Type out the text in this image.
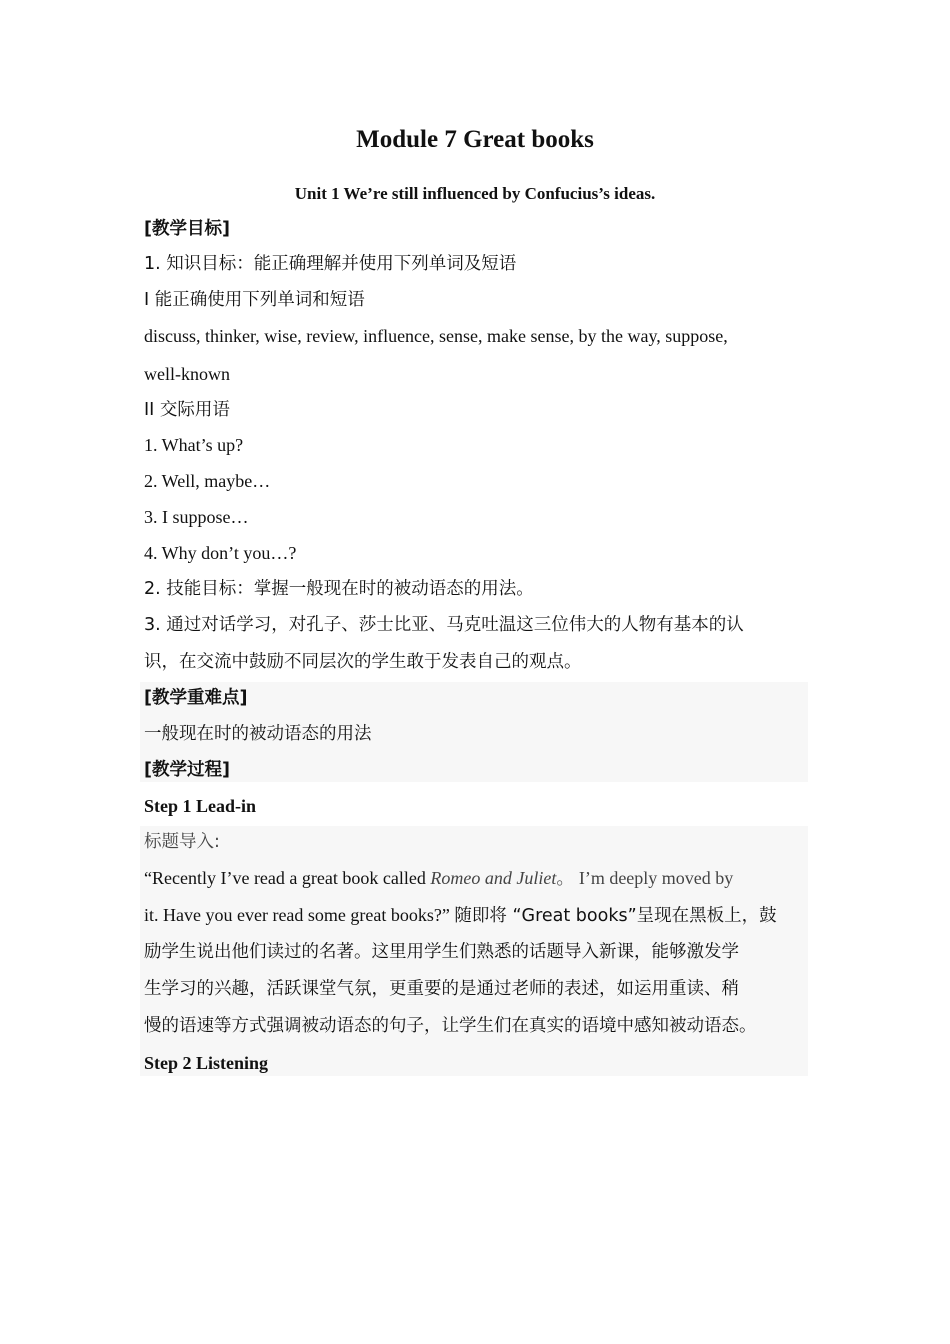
Module 7 Great books
Unit 1 We’re still influenced by Confucius’s ideas.
[教学目标]
1. 知识目标：能正确理解并使用下列单词及短语
I 能正确使用下列单词和短语
discuss, thinker, wise, review, influence, sense, make sense, by the way, suppose,
well-known
II 交际用语
1. What’s up?
2. Well, maybe…
3. I suppose…
4. Why don’t you…?
2. 技能目标：掌握一般现在时的被动语态的用法。
3. 通过对话学习，对孔子、莎士比亚、马克吐温这三位伟大的人物有基本的认
识，在交流中鼓励不同层次的学生敢于发表自己的观点。
[教学重难点]
一般现在时的被动语态的用法
[教学过程]
Step 1 Lead-in
标题导入:
“Recently I’ve read a great book called Romeo and Juliet。 I’m deeply moved by
it. Have you ever read some great books?” 随即将 “Great books”呈现在黑板上，鼓
励学生说出他们读过的名著。这里用学生们熟悉的话题导入新课，能够激发学
生学习的兴趣，活跃课堂气氛，更重要的是通过老师的表述，如运用重读、稍
慢的语速等方式强调被动语态的句子，让学生们在真实的语境中感知被动语态。
Step 2 Listening
